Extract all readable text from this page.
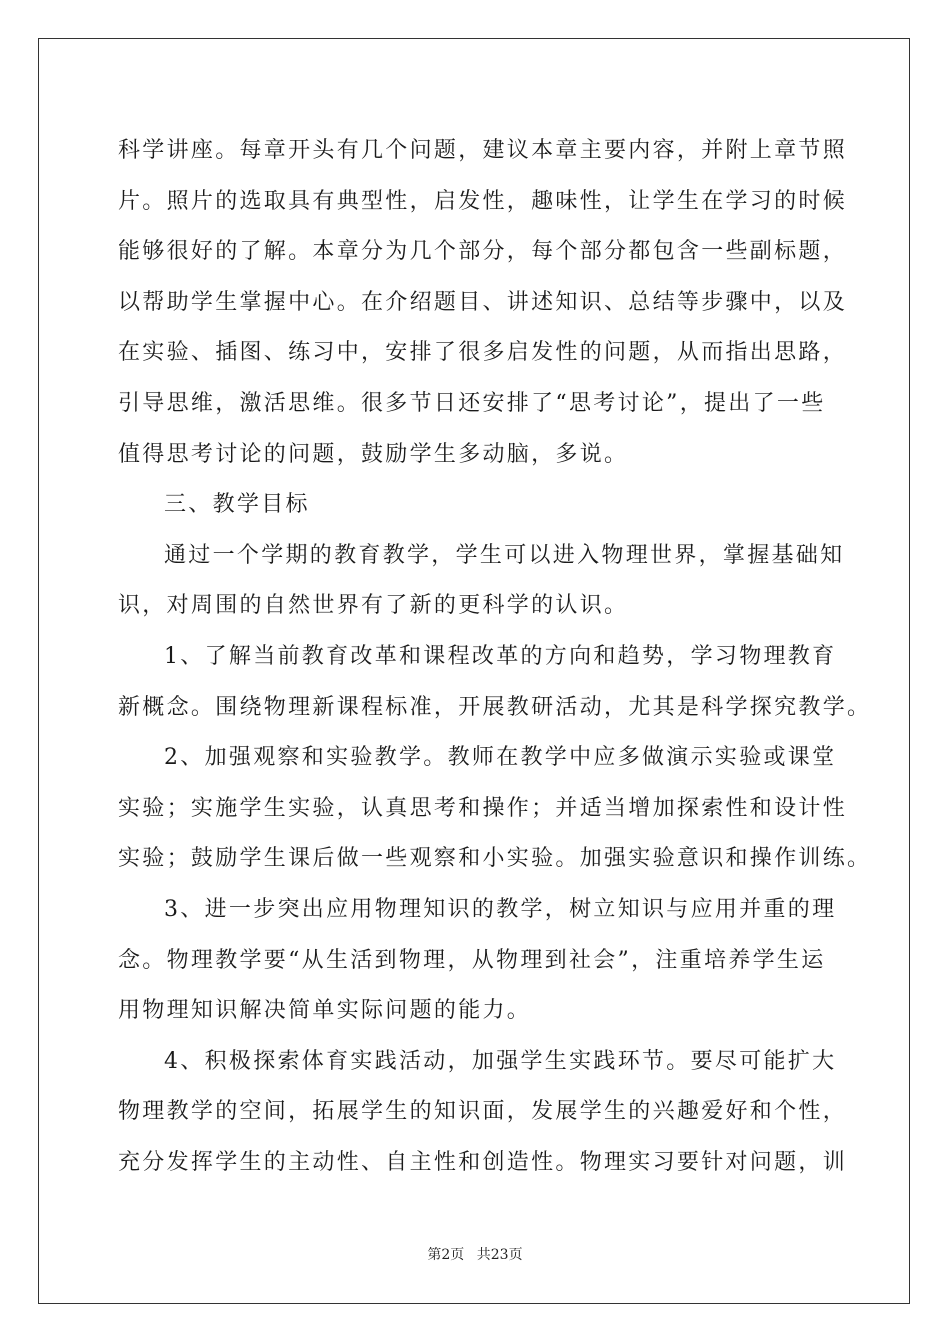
科学讲座。每章开头有几个问题，建议本章主要内容，并附上章节照
片。照片的选取具有典型性，启发性，趣味性，让学生在学习的时候
能够很好的了解。本章分为几个部分，每个部分都包含一些副标题，
以帮助学生掌握中心。在介绍题目、讲述知识、总结等步骤中，以及
在实验、插图、练习中，安排了很多启发性的问题，从而指出思路，
引导思维，激活思维。很多节日还安排了“思考讨论”，提出了一些
值得思考讨论的问题，鼓励学生多动脑，多说。
三、教学目标
通过一个学期的教育教学，学生可以进入物理世界，掌握基础知
识，对周围的自然世界有了新的更科学的认识。
1、了解当前教育改革和课程改革的方向和趋势，学习物理教育
新概念。围绕物理新课程标准，开展教研活动，尤其是科学探究教学。
2、加强观察和实验教学。教师在教学中应多做演示实验或课堂
实验；实施学生实验，认真思考和操作；并适当增加探索性和设计性
实验；鼓励学生课后做一些观察和小实验。加强实验意识和操作训练。
3、进一步突出应用物理知识的教学，树立知识与应用并重的理
念。物理教学要“从生活到物理，从物理到社会”，注重培养学生运
用物理知识解决简单实际问题的能力。
4、积极探索体育实践活动，加强学生实践环节。要尽可能扩大
物理教学的空间，拓展学生的知识面，发展学生的兴趣爱好和个性，
充分发挥学生的主动性、自主性和创造性。物理实习要针对问题，训
第2页 共23页
